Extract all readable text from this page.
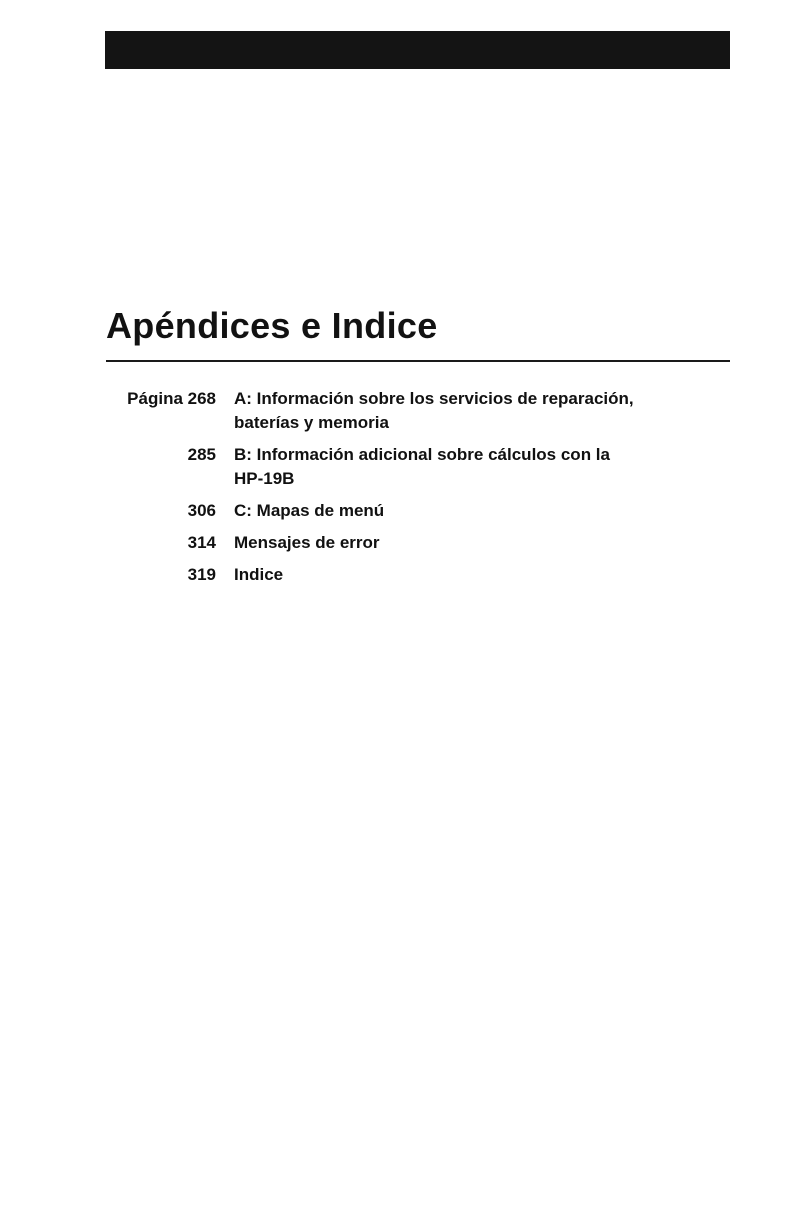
Apéndices e Indice
Página 268 A: Información sobre los servicios de reparación,
baterías y memoria
285 B: Información adicional sobre cálculos con la
HP-19B
306 C: Mapas de menú
314 Mensajes de error
319 Indice
